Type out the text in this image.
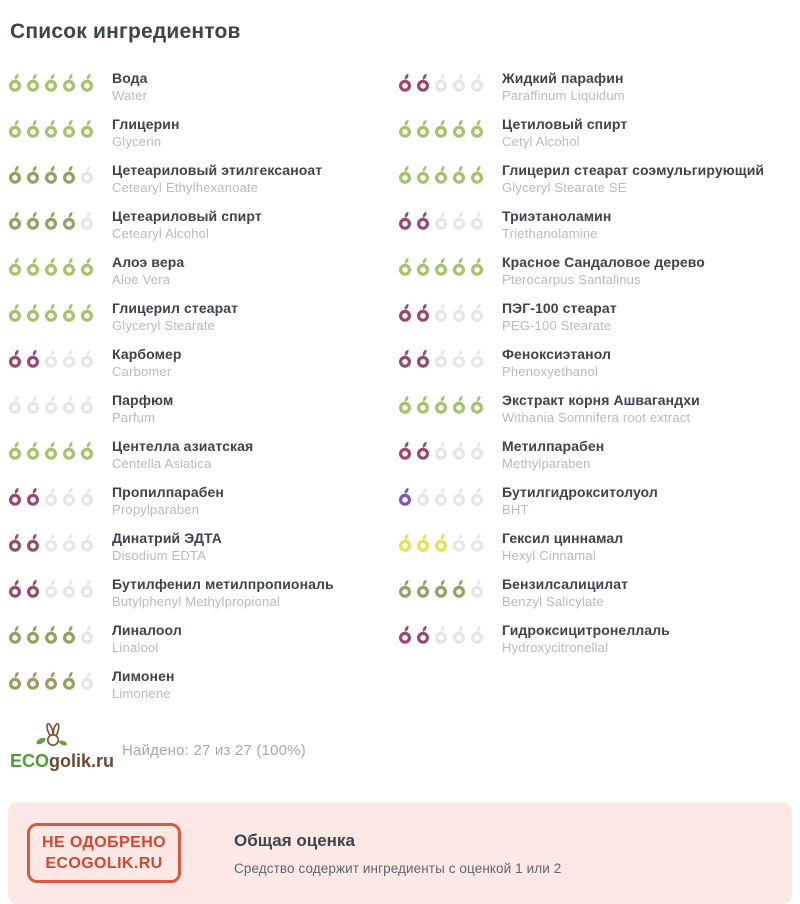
Список ингредиентов
Вода
Water
Глицерин
Glycerin
Цетеариловый этилгексаноат
Cetearyl Ethylhexanoate
Цетеариловый спирт
Cetearyl Alcohol
Алоэ вера
Aloe Vera
Глицерил стеарат
Glyceryl Stearate
Карбомер
Carbomer
Парфюм
Parfum
Центелла азиатская
Centella Asiatica
Пропилпарабен
Propylparaben
Динатрий ЭДТА
Disodium EDTA
Бутилфенил метилпропиональ
Butylphenyl Methylpropional
Линалоол
Linalool
Лимонен
Limonene
Жидкий парафин
Paraffinum Liquidum
Цетиловый спирт
Cetyl Alcohol
Глицерил стеарат соэмульгирующий
Glyceryl Stearate SE
Триэтаноламин
Triethanolamine
Красное Сандаловое дерево
Pterocarpus Santalinus
ПЭГ-100 стеарат
PEG-100 Stearate
Феноксиэтанол
Phenoxyethanol
Экстракт корня Ашвагандхи
Withania Somnifera root extract
Метилпарабен
Methylparaben
Бутилгидрокситолуол
BHT
Гексил циннамал
Hexyl Cinnamal
Бензилсалицилат
Benzyl Salicylate
Гидроксицитронеллаль
Hydroxycitronellal
ECOgolik.ru
Найдено: 27 из 27 (100%)
НЕ ОДОБРЕНО
ECOGOLIK.RU
Общая оценка
Средство содержит ингредиенты с оценкой 1 или 2
